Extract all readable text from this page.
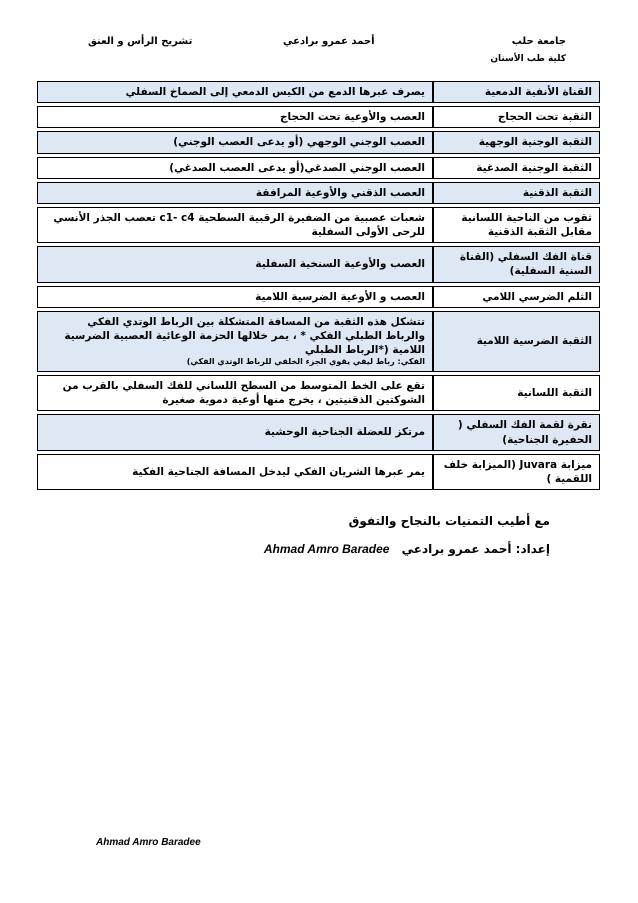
جامعة حلب
كلية طب الأسنان
أحمد عمرو برادعي
تشريح الرأس و العنق
القناة الأنفية الدمعية	يصرف عبرها الدمع من الكيس الدمعي إلى الصماخ السفلي
الثقبة تحت الحجاج	العصب والأوعية تحت الحجاج
الثقبة الوجنية الوجهية	العصب الوجني الوجهي (أو يدعى العصب الوجني)
الثقبة الوجنية الصدغية	العصب الوجني الصدغي(أو يدعى العصب الصدغي)
الثقبة الذقنية	العصب الذقني والأوعية المرافقة
ثقوب من الناحية اللسانية مقابل الثقبة الذقنية	شعبات عصبية من الضفيرة الرقبية السطحية c1- c4 تعصب الجذر الأنسي للرحى الأولى السفلية
قناة الفك السفلي (القناة السنية السفلية)	العصب والأوعية السنخية السفلية
الثلم الضرسي اللامي	العصب و الأوعية الضرسية اللامية
الثقبة الضرسية اللامية	تتشكل هذه الثقبة من المسافة المتشكلة بين الرباط الوتدي الفكي والرباط الطبلي الفكي * ، يمر خلالها الحزمة الوعائية العصبية الضرسية اللامية (*الرباط الطبلي
الفكي: رباط ليفي يقوي الجزء الخلفي للرباط الوتدي الفكي)

الثقبة اللسانية	تقع على الخط المتوسط من السطح اللساني للفك السفلي بالقرب من الشوكتين الذقنيتين ، يخرج منها أوعية دموية صغيرة
نقرة لقمة الفك السفلي ( الحفيرة الجناحية)	مرتكز للعضلة الجناحية الوحشية
ميزابة Juvara (الميزابة خلف اللقمية )	يمر عبرها الشريان الفكي ليدخل المسافة الجناحية الفكية
مع أطيب التمنيات بالنجاح والتفوق
إعداد: أحمد عمرو برادعي Ahmad Amro Baradee
Ahmad Amro Baradee
